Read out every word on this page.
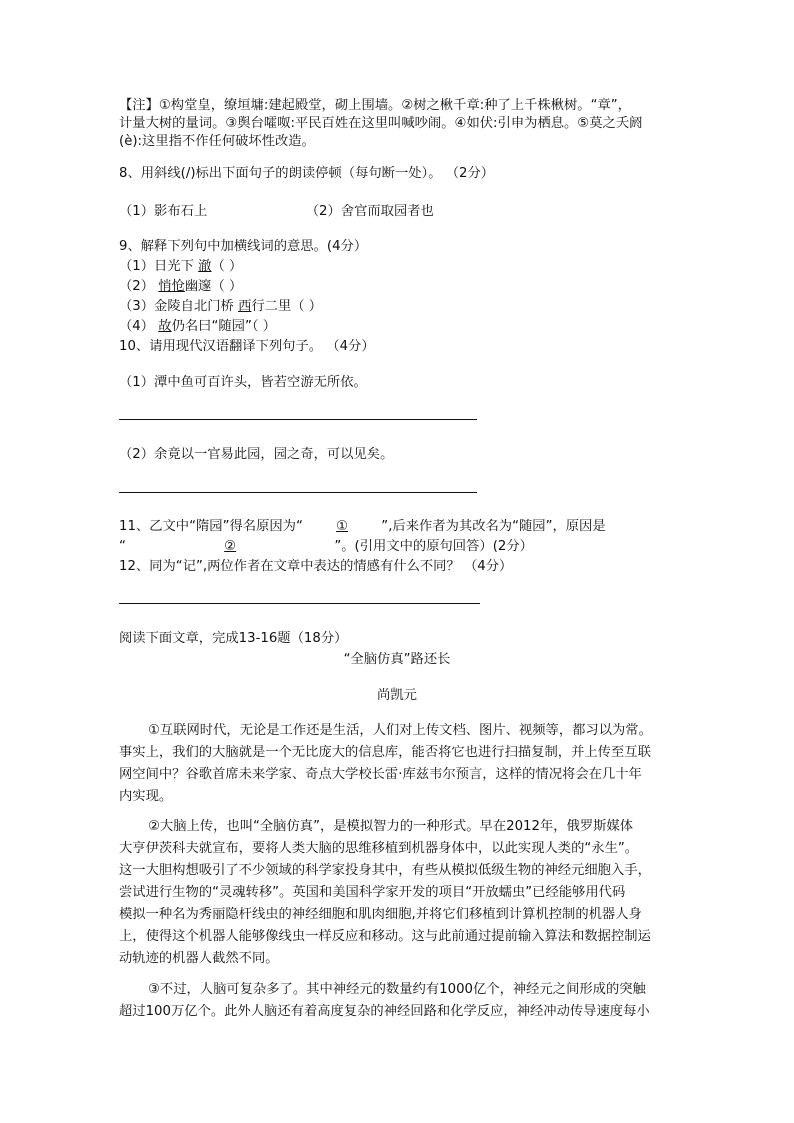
【注】①构堂皇，缭垣墉:建起殿堂，砌上围墙。②树之楸千章:种了上千株楸树。“章”，
计量大树的量词。③舆台嚯呶:平民百姓在这里叫喊吵闹。④如伏:引申为栖息。⑤莫之夭阏
(è):这里指不作任何破坏性改造。
8、用斜线(/)标出下面句子的朗读停顿（每句断一处）。 （2分）
（1）影布石上	（2）舍官而取园者也
9、解释下列句中加横线词的意思。(4分）
（1）日光下 澈（ ）
（2） 悄怆幽邃（ ）
（3）金陵自北门桥 西行二里（ ）
（4） 故仍名曰“随园”（ ）
10、请用现代汉语翻译下列句子。 （4分）
（1）潭中鱼可百许头，皆若空游无所依。
（2）余竟以一官易此园，园之奇，可以见矣。
11、乙文中“隋园”得名原因为“ ① ”,后来作者为其改名为“随园”，原因是
“	②	”。(引用文中的原句回答）(2分）
12、同为“记”,两位作者在文章中表达的情感有什么不同？ （4分）
阅读下面文章，完成13-16题（18分）
“全脑仿真”路还长
尚凯元
①互联网时代，无论是工作还是生活，人们对上传文档、图片、视频等，都习以为常。
事实上，我们的大脑就是一个无比庞大的信息库，能否将它也进行扫描复制，并上传至互联
网空间中？谷歌首席未来学家、奇点大学校长雷·库兹韦尔预言，这样的情况将会在几十年
内实现。
②大脑上传，也叫“全脑仿真”，是模拟智力的一种形式。早在2012年，俄罗斯媒体
大亨伊茨科夫就宣布，要将人类大脑的思维移植到机器身体中，以此实现人类的“永生”。
这一大胆构想吸引了不少领域的科学家投身其中，有些从模拟低级生物的神经元细胞入手，
尝试进行生物的“灵魂转移”。英国和美国科学家开发的项目“开放蠕虫”已经能够用代码
模拟一种名为秀丽隐杆线虫的神经细胞和肌肉细胞,并将它们移植到计算机控制的机器人身
上，使得这个机器人能够像线虫一样反应和移动。这与此前通过提前输入算法和数据控制运
动轨迹的机器人截然不同。
③不过，人脑可复杂多了。其中神经元的数量约有1000亿个，神经元之间形成的突触
超过100万亿个。此外人脑还有着高度复杂的神经回路和化学反应，神经冲动传导速度每小
